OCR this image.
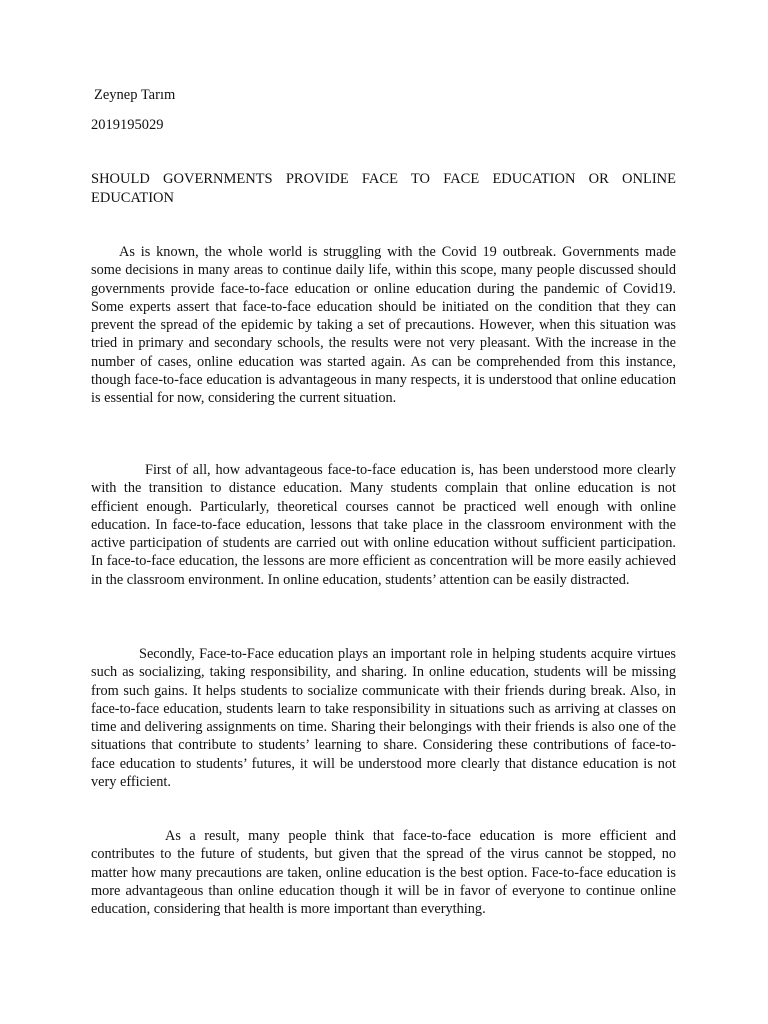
Zeynep Tarım
2019195029
SHOULD GOVERNMENTS PROVIDE FACE TO FACE EDUCATION OR ONLINE EDUCATION

As is known, the whole world is struggling with the Covid 19 outbreak. Governments made some decisions in many areas to continue daily life, within this scope, many people discussed should governments provide face-to-face education or online education during the pandemic of Covid19. Some experts assert that face-to-face education should be initiated on the condition that they can prevent the spread of the epidemic by taking a set of precautions. However, when this situation was tried in primary and secondary schools, the results were not very pleasant. With the increase in the number of cases, online education was started again. As can be comprehended from this instance, though face-to-face education is advantageous in many respects, it is understood that online education is essential for now, considering the current situation.

First of all, how advantageous face-to-face education is, has been understood more clearly with the transition to distance education. Many students complain that online education is not efficient enough. Particularly, theoretical courses cannot be practiced well enough with online education. In face-to-face education, lessons that take place in the classroom environment with the active participation of students are carried out with online education without sufficient participation. In face-to-face education, the lessons are more efficient as concentration will be more easily achieved in the classroom environment. In online education, students’ attention can be easily distracted.

Secondly, Face-to-Face education plays an important role in helping students acquire virtues such as socializing, taking responsibility, and sharing. In online education, students will be missing from such gains. It helps students to socialize communicate with their friends during break. Also, in face-to-face education, students learn to take responsibility in situations such as arriving at classes on time and delivering assignments on time. Sharing their belongings with their friends is also one of the situations that contribute to students’ learning to share. Considering these contributions of face-to-face education to students’ futures, it will be understood more clearly that distance education is not very efficient.

As a result, many people think that face-to-face education is more efficient and contributes to the future of students, but given that the spread of the virus cannot be stopped, no matter how many precautions are taken, online education is the best option. Face-to-face education is more advantageous than online education though it will be in favor of everyone to continue online education, considering that health is more important than everything.
